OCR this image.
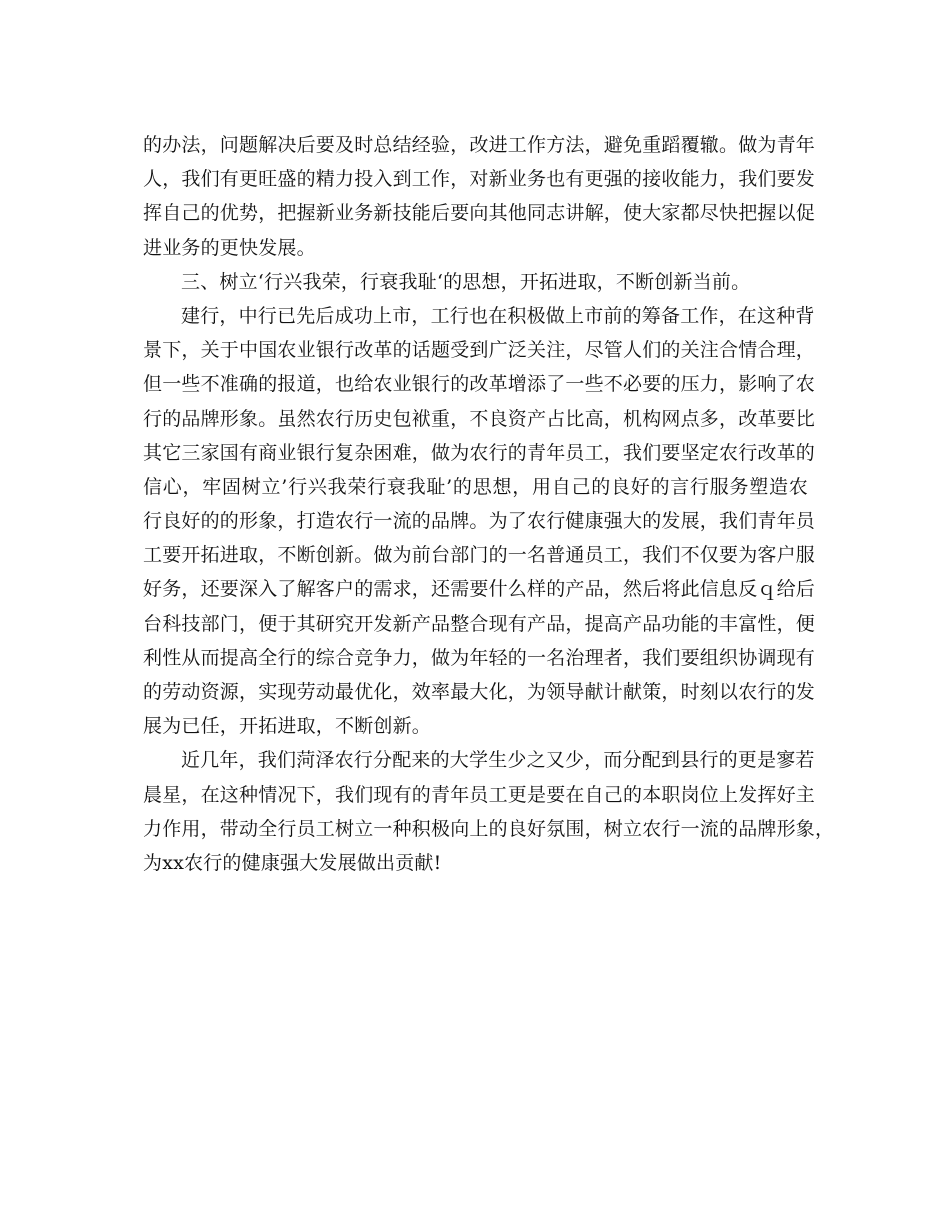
的办法，问题解决后要及时总结经验，改进工作方法，避免重蹈覆辙。做为青年
人，我们有更旺盛的精力投入到工作，对新业务也有更强的接收能力，我们要发
挥自己的优势，把握新业务新技能后要向其他同志讲解，使大家都尽快把握以促
进业务的更快发展。
三、树立‘行兴我荣，行衰我耻‘的思想，开拓进取，不断创新当前。
建行，中行已先后成功上市，工行也在积极做上市前的筹备工作，在这种背
景下，关于中国农业银行改革的话题受到广泛关注，尽管人们的关注合情合理，
但一些不准确的报道，也给农业银行的改革增添了一些不必要的压力，影响了农
行的品牌形象。虽然农行历史包袱重，不良资产占比高，机构网点多，改革要比
其它三家国有商业银行复杂困难，做为农行的青年员工，我们要坚定农行改革的
信心，牢固树立’行兴我荣行衰我耻’的思想，用自己的良好的言行服务塑造农
行良好的的形象，打造农行一流的品牌。为了农行健康强大的发展，我们青年员
工要开拓进取，不断创新。做为前台部门的一名普通员工，我们不仅要为客户服
好务，还要深入了解客户的需求，还需要什么样的产品，然后将此信息反ｑ给后
台科技部门，便于其研究开发新产品整合现有产品，提高产品功能的丰富性，便
利性从而提高全行的综合竞争力，做为年轻的一名治理者，我们要组织协调现有
的劳动资源，实现劳动最优化，效率最大化，为领导献计献策，时刻以农行的发
展为已任，开拓进取，不断创新。
近几年，我们菏泽农行分配来的大学生少之又少，而分配到县行的更是寥若
晨星，在这种情况下，我们现有的青年员工更是要在自己的本职岗位上发挥好主
力作用，带动全行员工树立一种积极向上的良好氛围，树立农行一流的品牌形象，
为xx农行的健康强大发展做出贡献!
